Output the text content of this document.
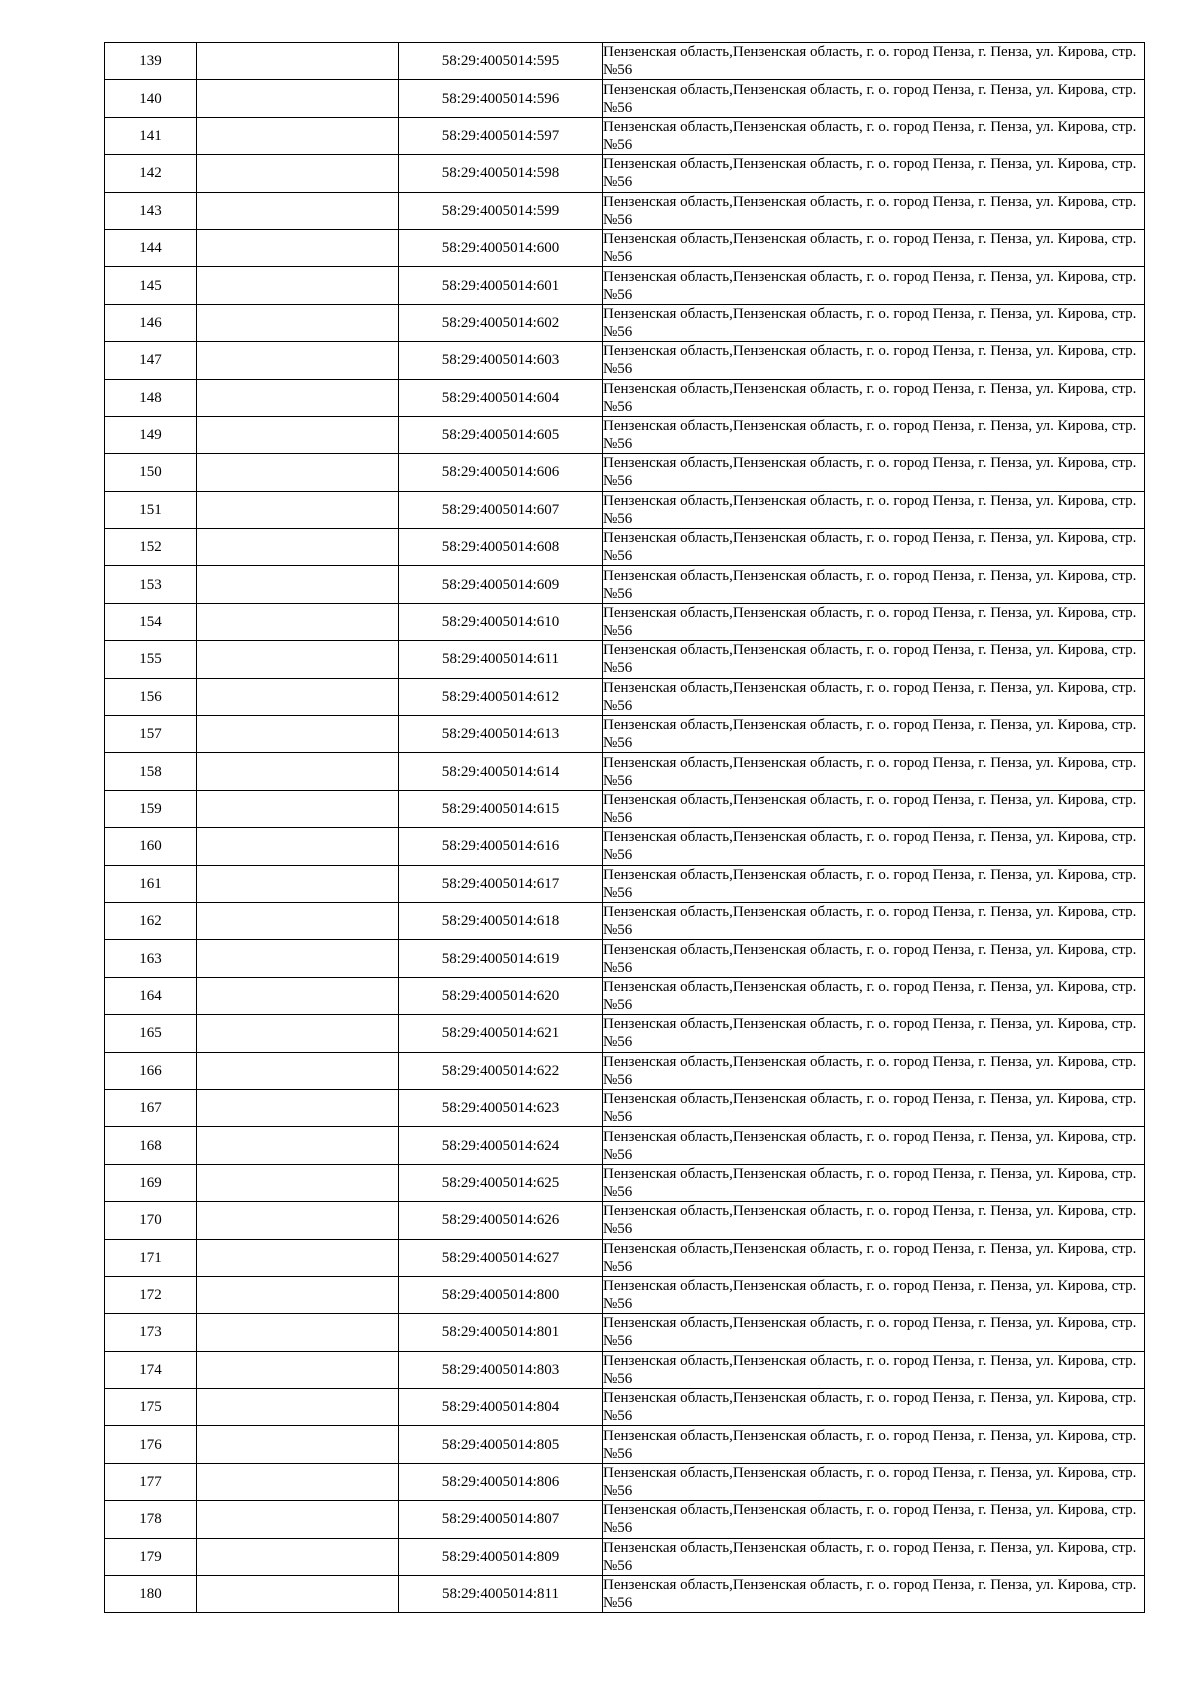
139		58:29:4005014:595	Пензенская область,Пензенская область, г. о. город Пенза, г. Пенза, ул. Кирова, стр. №56
140		58:29:4005014:596	Пензенская область,Пензенская область, г. о. город Пенза, г. Пенза, ул. Кирова, стр. №56
141		58:29:4005014:597	Пензенская область,Пензенская область, г. о. город Пенза, г. Пенза, ул. Кирова, стр. №56
142		58:29:4005014:598	Пензенская область,Пензенская область, г. о. город Пенза, г. Пенза, ул. Кирова, стр. №56
143		58:29:4005014:599	Пензенская область,Пензенская область, г. о. город Пенза, г. Пенза, ул. Кирова, стр. №56
144		58:29:4005014:600	Пензенская область,Пензенская область, г. о. город Пенза, г. Пенза, ул. Кирова, стр. №56
145		58:29:4005014:601	Пензенская область,Пензенская область, г. о. город Пенза, г. Пенза, ул. Кирова, стр. №56
146		58:29:4005014:602	Пензенская область,Пензенская область, г. о. город Пенза, г. Пенза, ул. Кирова, стр. №56
147		58:29:4005014:603	Пензенская область,Пензенская область, г. о. город Пенза, г. Пенза, ул. Кирова, стр. №56
148		58:29:4005014:604	Пензенская область,Пензенская область, г. о. город Пенза, г. Пенза, ул. Кирова, стр. №56
149		58:29:4005014:605	Пензенская область,Пензенская область, г. о. город Пенза, г. Пенза, ул. Кирова, стр. №56
150		58:29:4005014:606	Пензенская область,Пензенская область, г. о. город Пенза, г. Пенза, ул. Кирова, стр. №56
151		58:29:4005014:607	Пензенская область,Пензенская область, г. о. город Пенза, г. Пенза, ул. Кирова, стр. №56
152		58:29:4005014:608	Пензенская область,Пензенская область, г. о. город Пенза, г. Пенза, ул. Кирова, стр. №56
153		58:29:4005014:609	Пензенская область,Пензенская область, г. о. город Пенза, г. Пенза, ул. Кирова, стр. №56
154		58:29:4005014:610	Пензенская область,Пензенская область, г. о. город Пенза, г. Пенза, ул. Кирова, стр. №56
155		58:29:4005014:611	Пензенская область,Пензенская область, г. о. город Пенза, г. Пенза, ул. Кирова, стр. №56
156		58:29:4005014:612	Пензенская область,Пензенская область, г. о. город Пенза, г. Пенза, ул. Кирова, стр. №56
157		58:29:4005014:613	Пензенская область,Пензенская область, г. о. город Пенза, г. Пенза, ул. Кирова, стр. №56
158		58:29:4005014:614	Пензенская область,Пензенская область, г. о. город Пенза, г. Пенза, ул. Кирова, стр. №56
159		58:29:4005014:615	Пензенская область,Пензенская область, г. о. город Пенза, г. Пенза, ул. Кирова, стр. №56
160		58:29:4005014:616	Пензенская область,Пензенская область, г. о. город Пенза, г. Пенза, ул. Кирова, стр. №56
161		58:29:4005014:617	Пензенская область,Пензенская область, г. о. город Пенза, г. Пенза, ул. Кирова, стр. №56
162		58:29:4005014:618	Пензенская область,Пензенская область, г. о. город Пенза, г. Пенза, ул. Кирова, стр. №56
163		58:29:4005014:619	Пензенская область,Пензенская область, г. о. город Пенза, г. Пенза, ул. Кирова, стр. №56
164		58:29:4005014:620	Пензенская область,Пензенская область, г. о. город Пенза, г. Пенза, ул. Кирова, стр. №56
165		58:29:4005014:621	Пензенская область,Пензенская область, г. о. город Пенза, г. Пенза, ул. Кирова, стр. №56
166		58:29:4005014:622	Пензенская область,Пензенская область, г. о. город Пенза, г. Пенза, ул. Кирова, стр. №56
167		58:29:4005014:623	Пензенская область,Пензенская область, г. о. город Пенза, г. Пенза, ул. Кирова, стр. №56
168		58:29:4005014:624	Пензенская область,Пензенская область, г. о. город Пенза, г. Пенза, ул. Кирова, стр. №56
169		58:29:4005014:625	Пензенская область,Пензенская область, г. о. город Пенза, г. Пенза, ул. Кирова, стр. №56
170		58:29:4005014:626	Пензенская область,Пензенская область, г. о. город Пенза, г. Пенза, ул. Кирова, стр. №56
171		58:29:4005014:627	Пензенская область,Пензенская область, г. о. город Пенза, г. Пенза, ул. Кирова, стр. №56
172		58:29:4005014:800	Пензенская область,Пензенская область, г. о. город Пенза, г. Пенза, ул. Кирова, стр. №56
173		58:29:4005014:801	Пензенская область,Пензенская область, г. о. город Пенза, г. Пенза, ул. Кирова, стр. №56
174		58:29:4005014:803	Пензенская область,Пензенская область, г. о. город Пенза, г. Пенза, ул. Кирова, стр. №56
175		58:29:4005014:804	Пензенская область,Пензенская область, г. о. город Пенза, г. Пенза, ул. Кирова, стр. №56
176		58:29:4005014:805	Пензенская область,Пензенская область, г. о. город Пенза, г. Пенза, ул. Кирова, стр. №56
177		58:29:4005014:806	Пензенская область,Пензенская область, г. о. город Пенза, г. Пенза, ул. Кирова, стр. №56
178		58:29:4005014:807	Пензенская область,Пензенская область, г. о. город Пенза, г. Пенза, ул. Кирова, стр. №56
179		58:29:4005014:809	Пензенская область,Пензенская область, г. о. город Пенза, г. Пенза, ул. Кирова, стр. №56
180		58:29:4005014:811	Пензенская область,Пензенская область, г. о. город Пенза, г. Пенза, ул. Кирова, стр. №56
